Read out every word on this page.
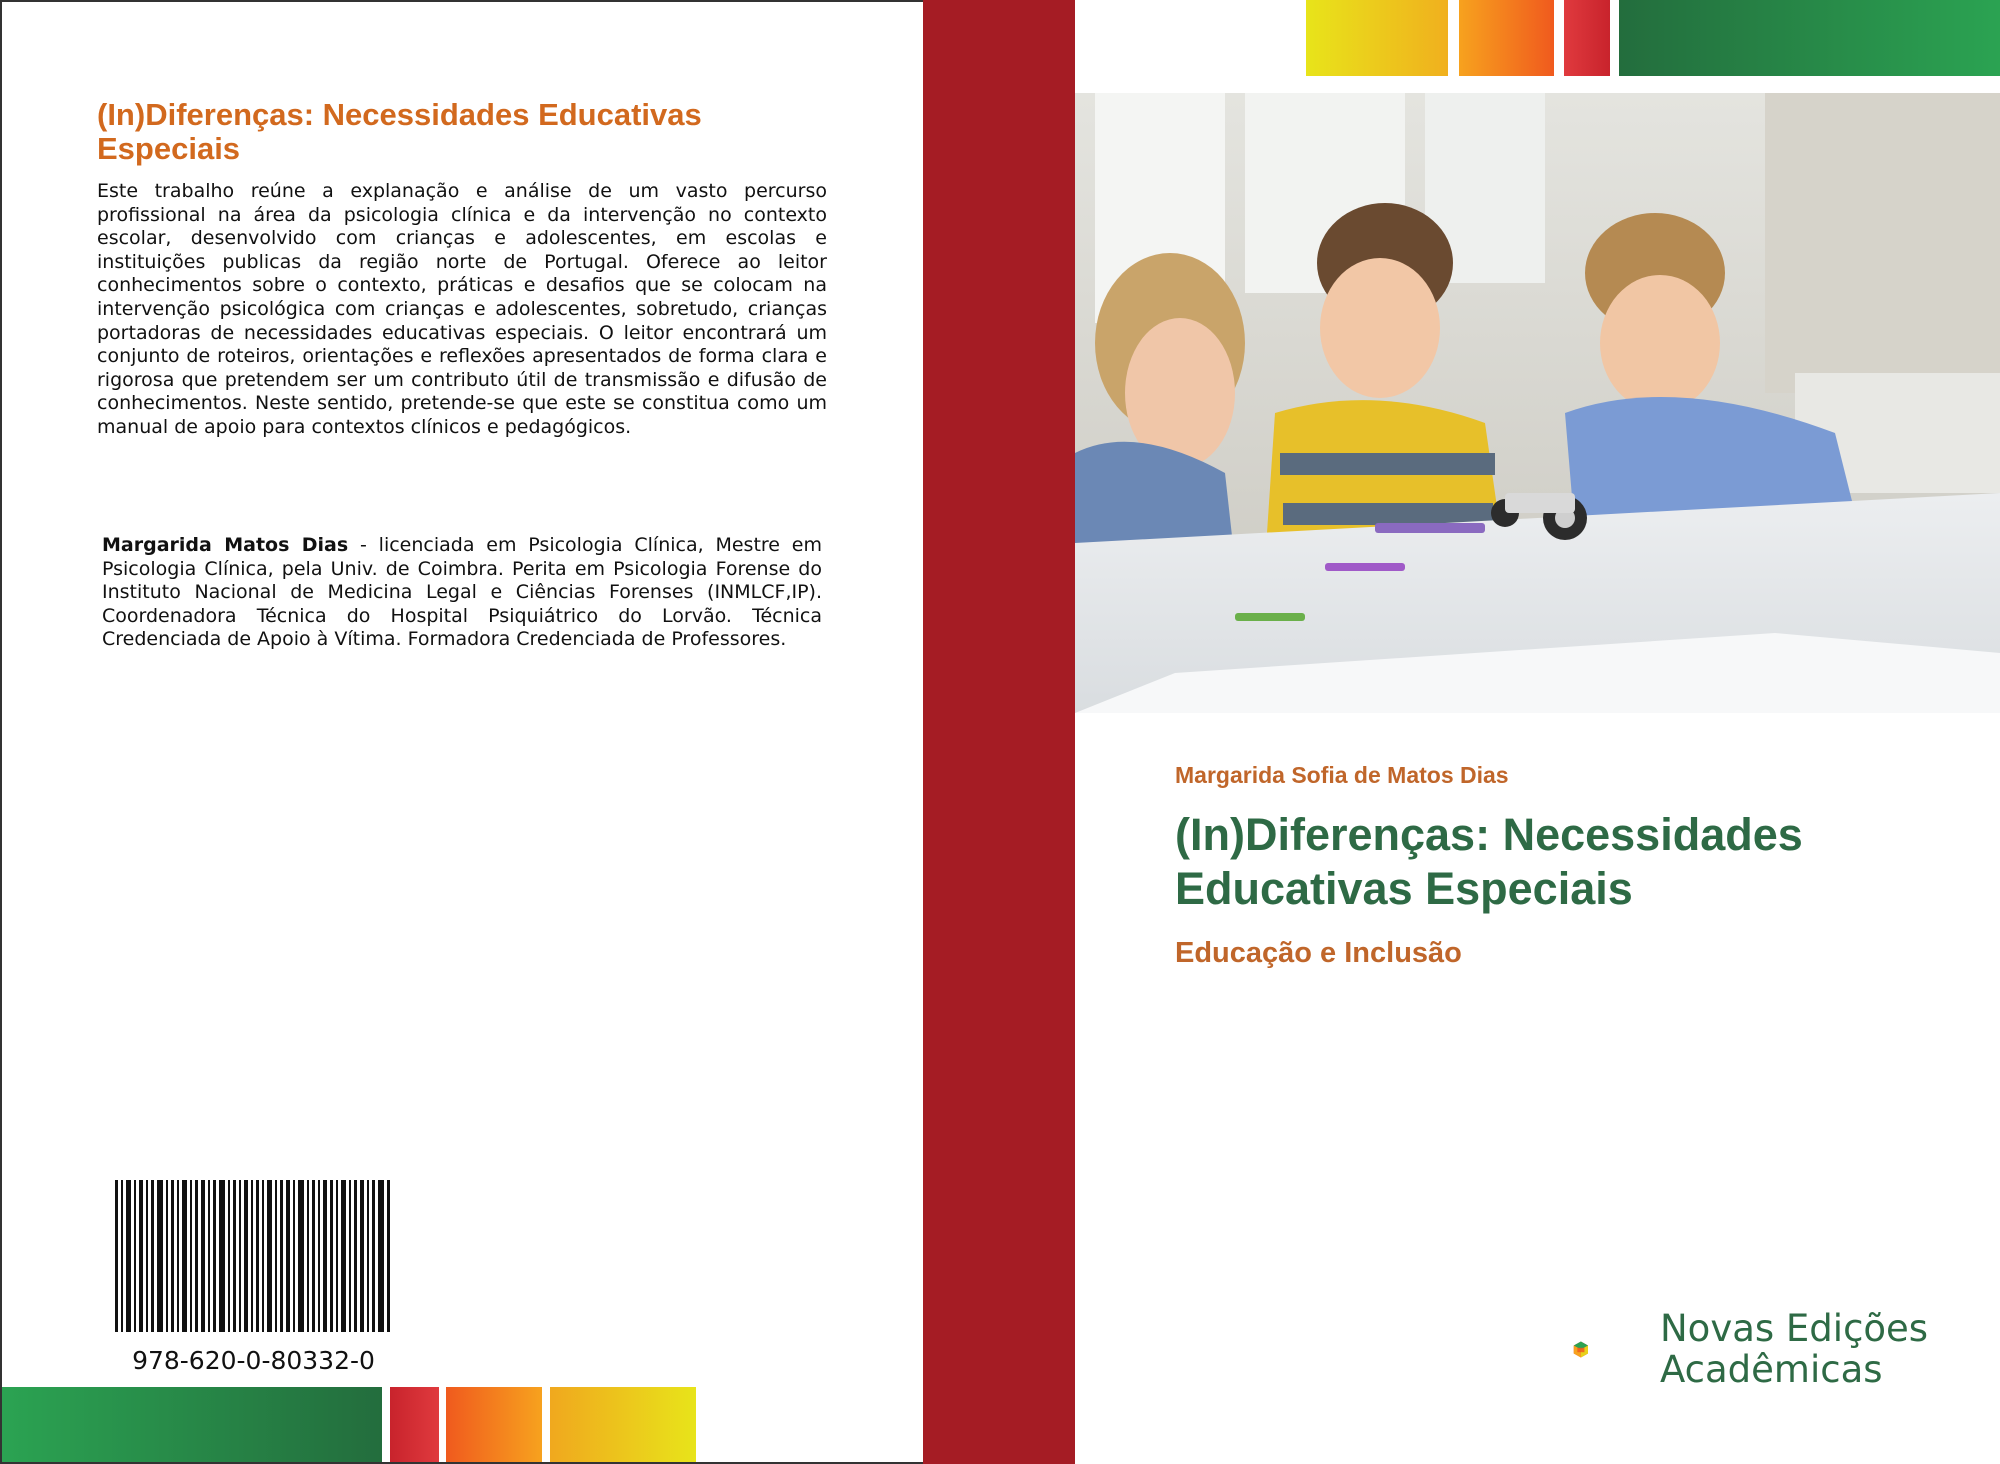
(In)Diferenças: Necessidades Educativas Especiais

Este trabalho reúne a explanação e análise de um vasto percurso profissional na área da psicologia clínica e da intervenção no contexto escolar, desenvolvido com crianças e adolescentes, em escolas e instituições publicas da região norte de Portugal. Oferece ao leitor conhecimentos sobre o contexto, práticas e desafios que se colocam na intervenção psicológica com crianças e adolescentes, sobretudo, crianças portadoras de necessidades educativas especiais. O leitor encontrará um conjunto de roteiros, orientações e reflexões apresentados de forma clara e rigorosa que pretendem ser um contributo útil de transmissão e difusão de conhecimentos. Neste sentido, pretende-se que este se constitua como um manual de apoio para contextos clínicos e pedagógicos.

Margarida Matos Dias - licenciada em Psicologia Clínica, Mestre em Psicologia Clínica, pela Univ. de Coimbra. Perita em Psicologia Forense do Instituto Nacional de Medicina Legal e Ciências Forenses (INMLCF,IP). Coordenadora Técnica do Hospital Psiquiátrico do Lorvão. Técnica Credenciada de Apoio à Vítima. Formadora Credenciada de Professores.

978-620-0-80332-0
Margarida Sofia de Matos Dias
(In)Diferenças: Necessidades Educativas Especiais
Educação e Inclusão
Novas Edições
Acadêmicas
